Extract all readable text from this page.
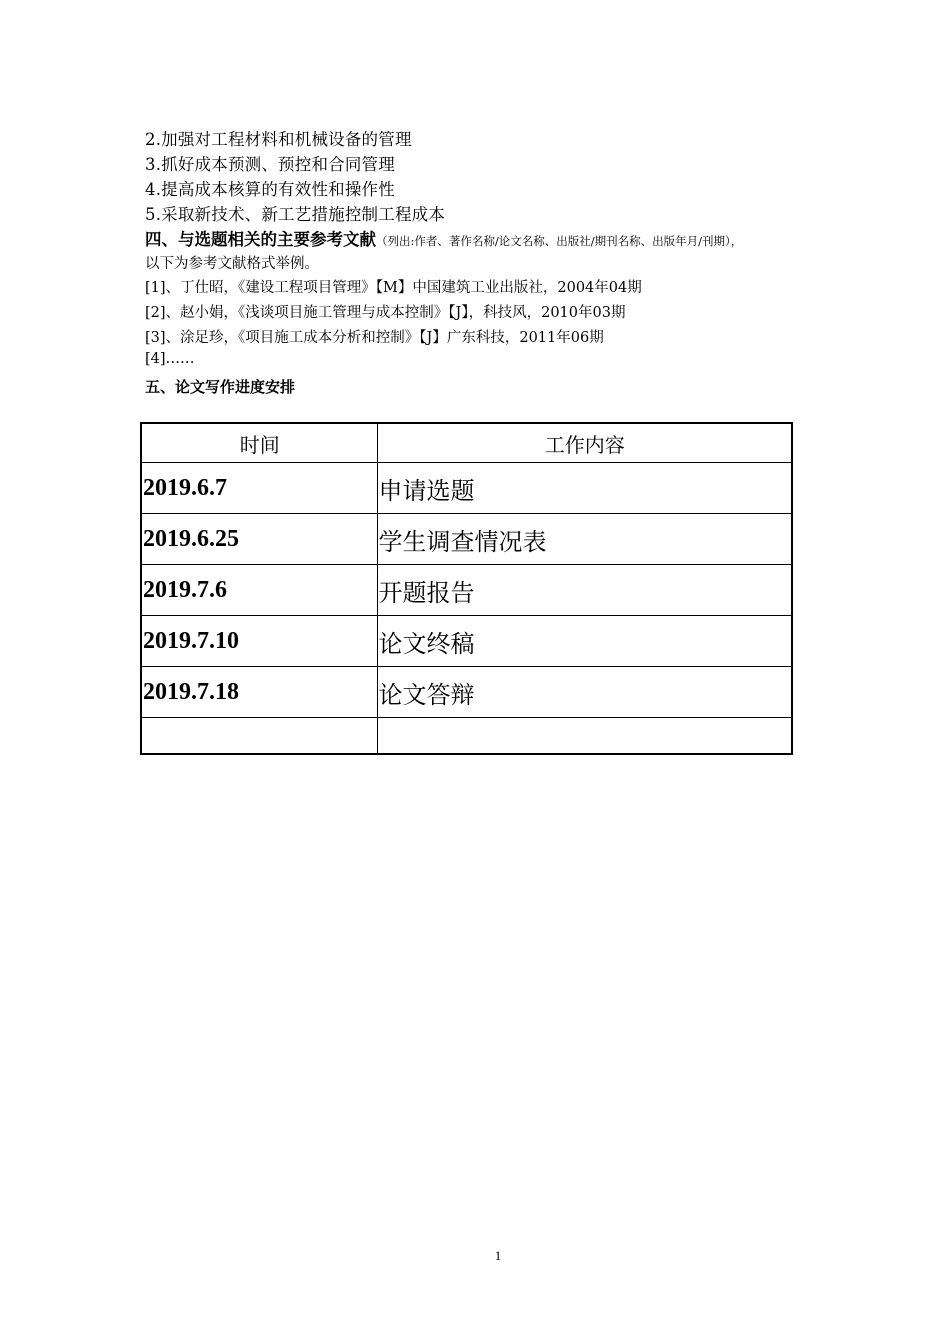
2.加强对工程材料和机械设备的管理
3.抓好成本预测、预控和合同管理
4.提高成本核算的有效性和操作性
5.采取新技术、新工艺措施控制工程成本
四、与选题相关的主要参考文献（列出:作者、著作名称/论文名称、出版社/期刊名称、出版年月/刊期），
以下为参考文献格式举例。
[1]、丁仕昭，《建设工程项目管理》【M】中国建筑工业出版社，2004年04期
[2]、赵小娟，《浅谈项目施工管理与成本控制》【J】，科技风，2010年03期
[3]、涂足珍，《项目施工成本分析和控制》【J】广东科技，2011年06期
[4]……
五、论文写作进度安排
时间	工作内容
2019.6.7	申请选题
2019.6.25	学生调查情况表
2019.7.6	开题报告
2019.7.10	论文终稿
2019.7.18	论文答辩

1
